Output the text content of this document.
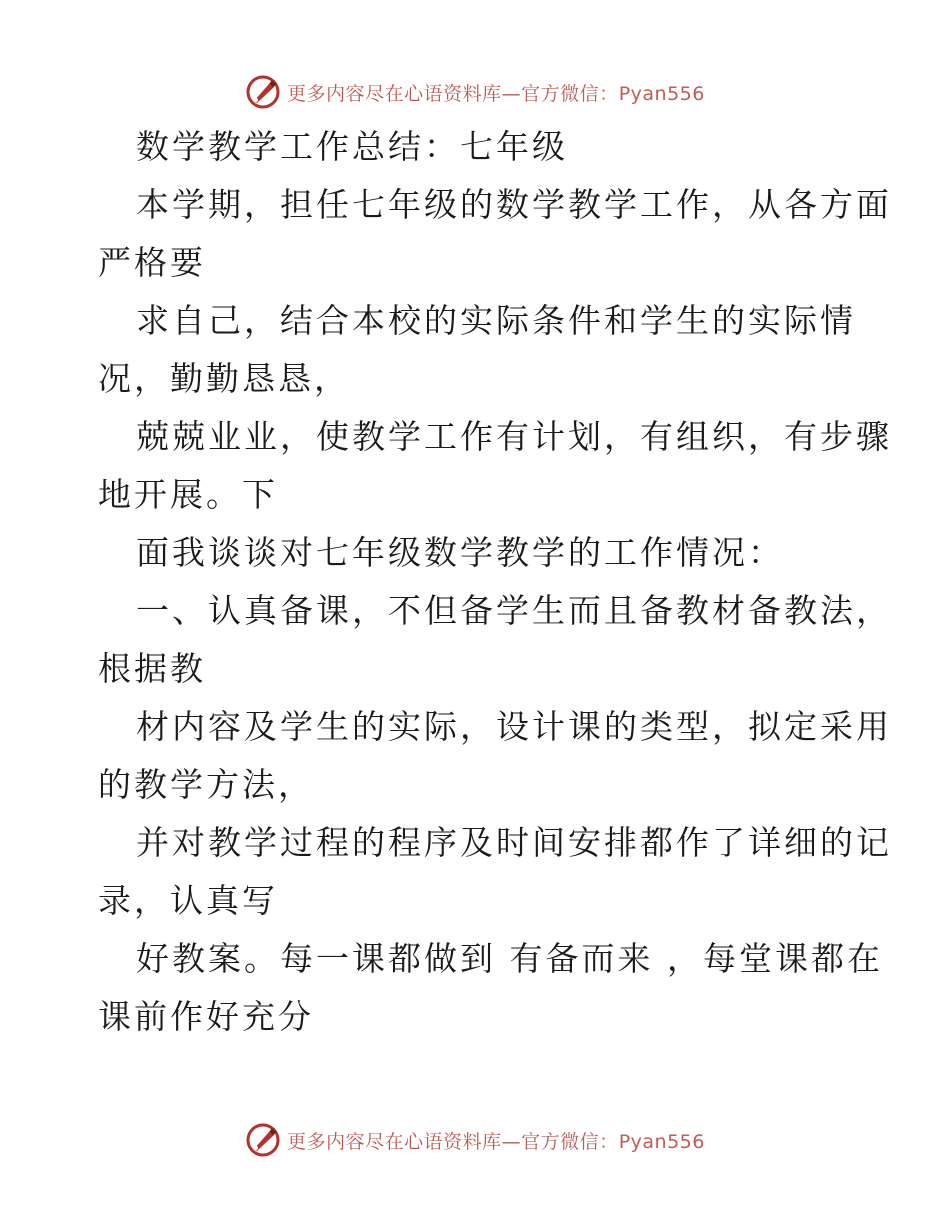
更多内容尽在心语资料库—官方微信：Pyan556
数学教学工作总结：七年级
本学期，担任七年级的数学教学工作，从各方面
严格要
求自己，结合本校的实际条件和学生的实际情
况，勤勤恳恳，
兢兢业业，使教学工作有计划，有组织，有步骤
地开展。下
面我谈谈对七年级数学教学的工作情况：
一、认真备课，不但备学生而且备教材备教法，
根据教
材内容及学生的实际，设计课的类型，拟定采用
的教学方法，
并对教学过程的程序及时间安排都作了详细的记
录，认真写
好教案。每一课都做到 有备而来 ，每堂课都在
课前作好充分
更多内容尽在心语资料库—官方微信：Pyan556
